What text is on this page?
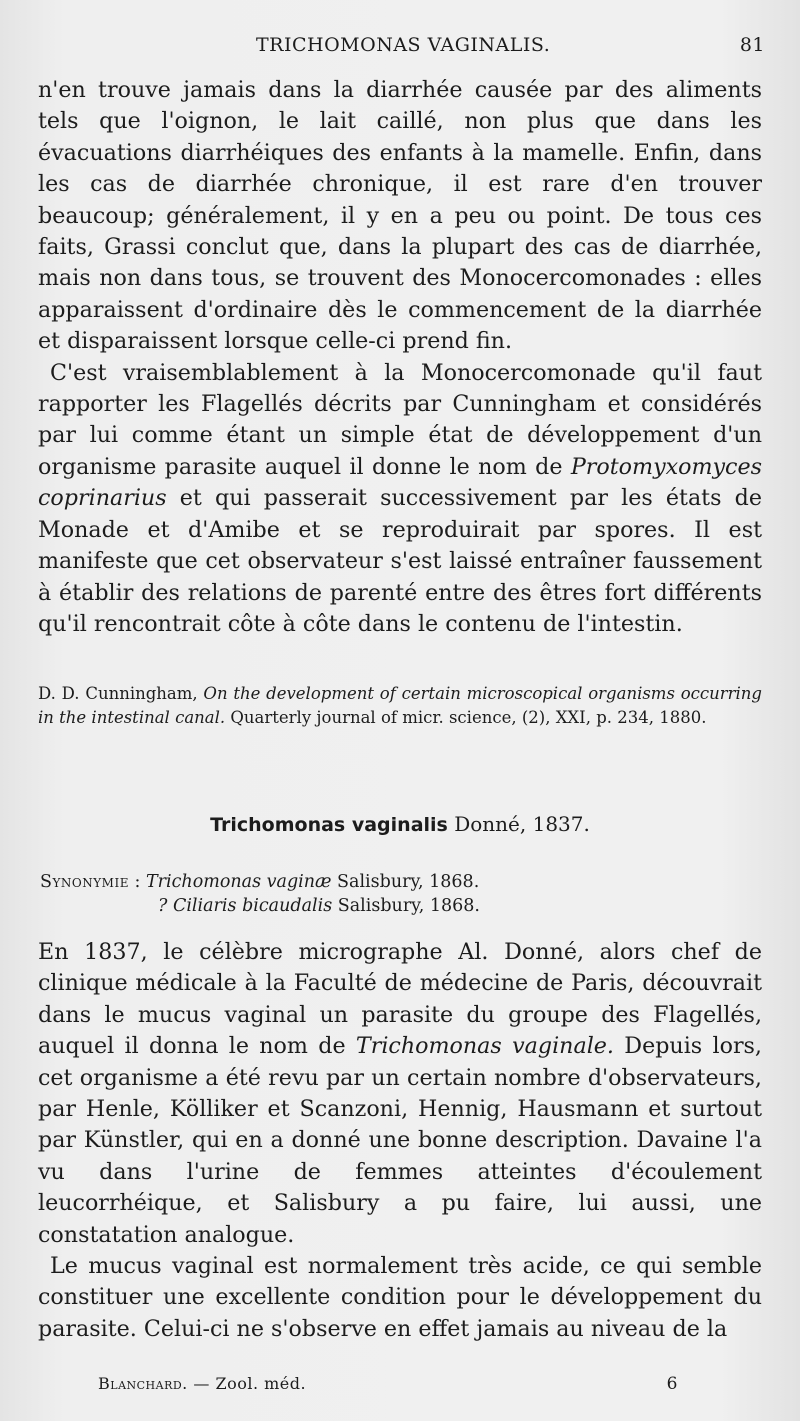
TRICHOMONAS VAGINALIS.	81

n'en trouve jamais dans la diarrhée causée par des aliments tels que l'oignon, le lait caillé, non plus que dans les évacuations diarrhéiques des enfants à la mamelle. Enfin, dans les cas de diarrhée chronique, il est rare d'en trouver beaucoup; généralement, il y en a peu ou point. De tous ces faits, Grassi conclut que, dans la plupart des cas de diarrhée, mais non dans tous, se trouvent des Monocercomonades : elles apparaissent d'ordinaire dès le commencement de la diarrhée et disparaissent lorsque celle-ci prend fin.

C'est vraisemblablement à la Monocercomonade qu'il faut rapporter les Flagellés décrits par Cunningham et considérés par lui comme étant un simple état de développement d'un organisme parasite auquel il donne le nom de Protomyxomyces coprinarius et qui passerait successivement par les états de Monade et d'Amibe et se reproduirait par spores. Il est manifeste que cet observateur s'est laissé entraîner faussement à établir des relations de parenté entre des êtres fort différents qu'il rencontrait côte à côte dans le contenu de l'intestin.

D. D. Cunningham, On the development of certain microscopical organisms occurring in the intestinal canal. Quarterly journal of micr. science, (2), XXI, p. 234, 1880.
Trichomonas vaginalis Donné, 1837.
Synonymie : Trichomonas vaginæ Salisbury, 1868.
? Ciliaris bicaudalis Salisbury, 1868.

En 1837, le célèbre micrographe Al. Donné, alors chef de clinique médicale à la Faculté de médecine de Paris, découvrait dans le mucus vaginal un parasite du groupe des Flagellés, auquel il donna le nom de Trichomonas vaginale. Depuis lors, cet organisme a été revu par un certain nombre d'observateurs, par Henle, Kölliker et Scanzoni, Hennig, Hausmann et surtout par Künstler, qui en a donné une bonne description. Davaine l'a vu dans l'urine de femmes atteintes d'écoulement leucorrhéique, et Salisbury a pu faire, lui aussi, une constatation analogue.

Le mucus vaginal est normalement très acide, ce qui semble constituer une excellente condition pour le développement du parasite. Celui-ci ne s'observe en effet jamais au niveau de la

Blanchard. — Zool. méd.	6
